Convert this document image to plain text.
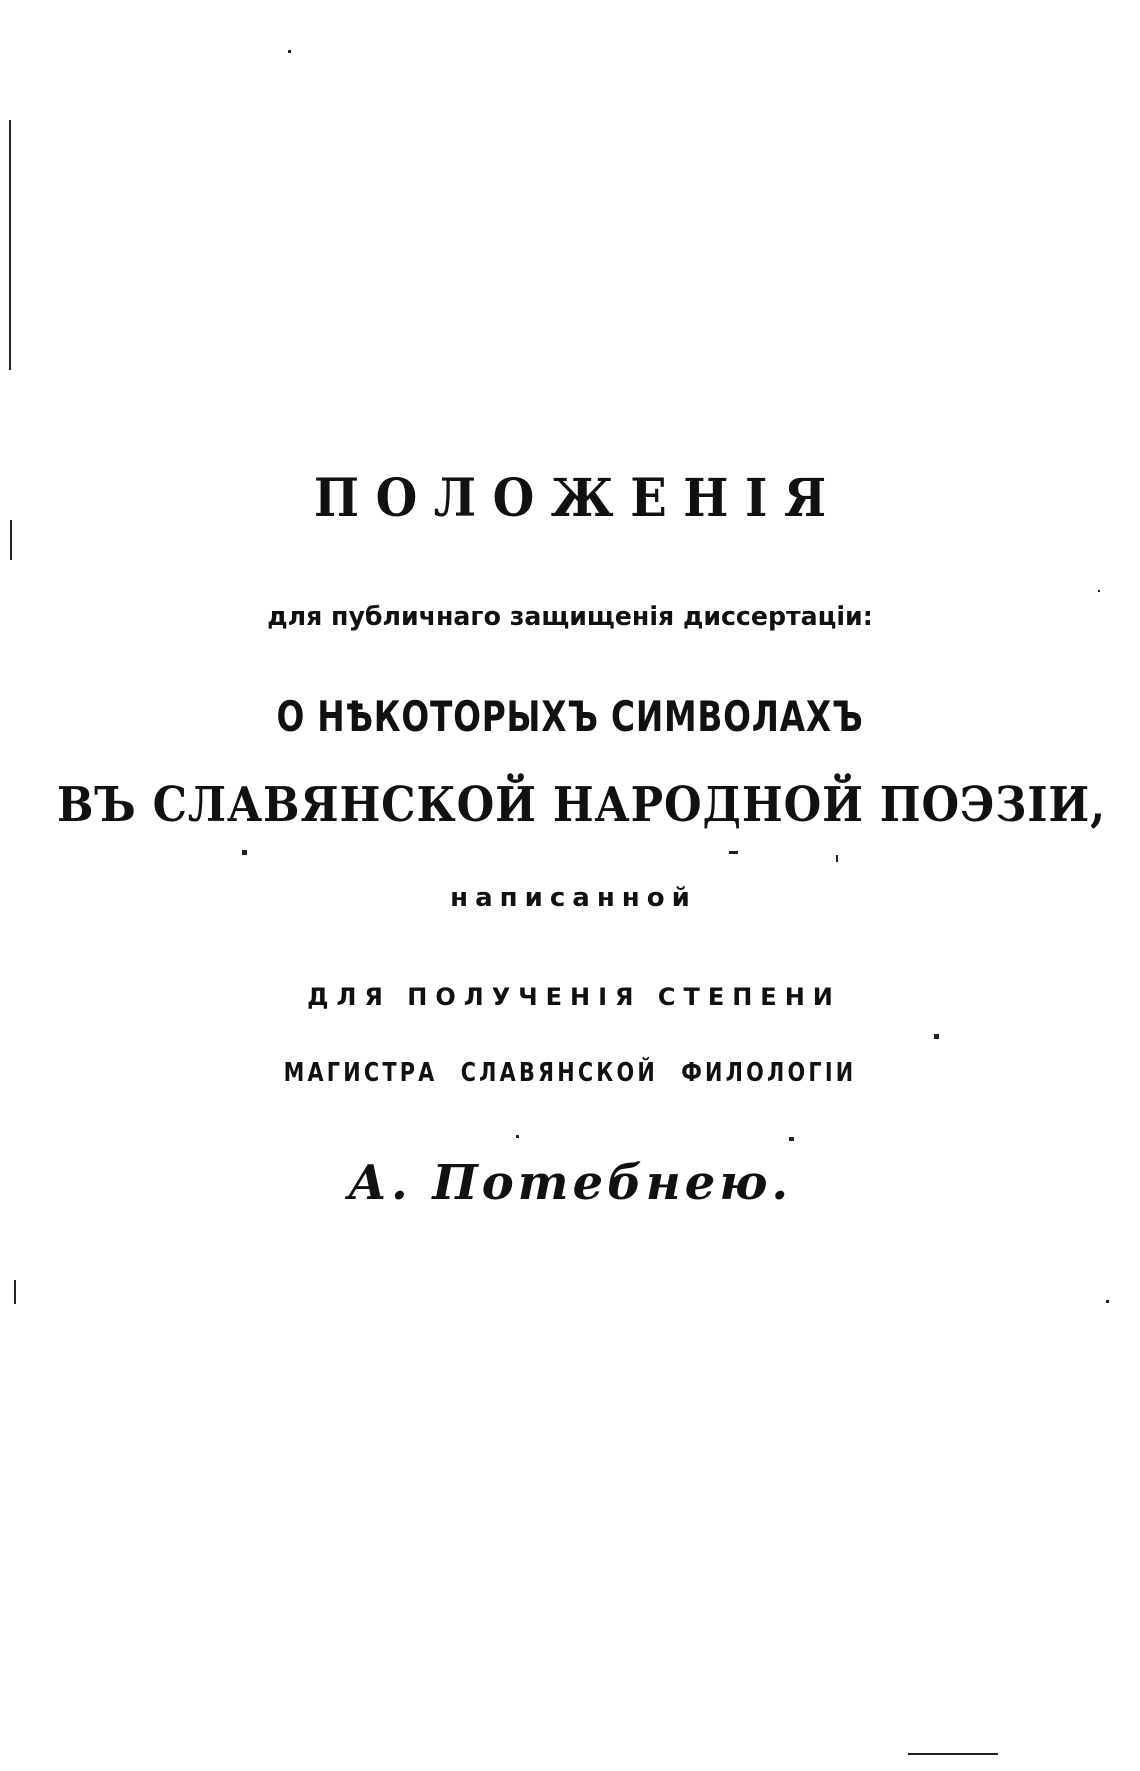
ПОЛОЖЕНІЯ
для публичнаго защищенія диссертаціи:
О НѢКОТОРЫХЪ СИМВОЛАХЪ
ВЪ СЛАВЯНСКОЙ НАРОДНОЙ ПОЭЗІИ,
написанной
ДЛЯ ПОЛУЧЕНІЯ СТЕПЕНИ
МАГИСТРА СЛАВЯНСКОЙ ФИЛОЛОГІИ
А. Потебнею.
